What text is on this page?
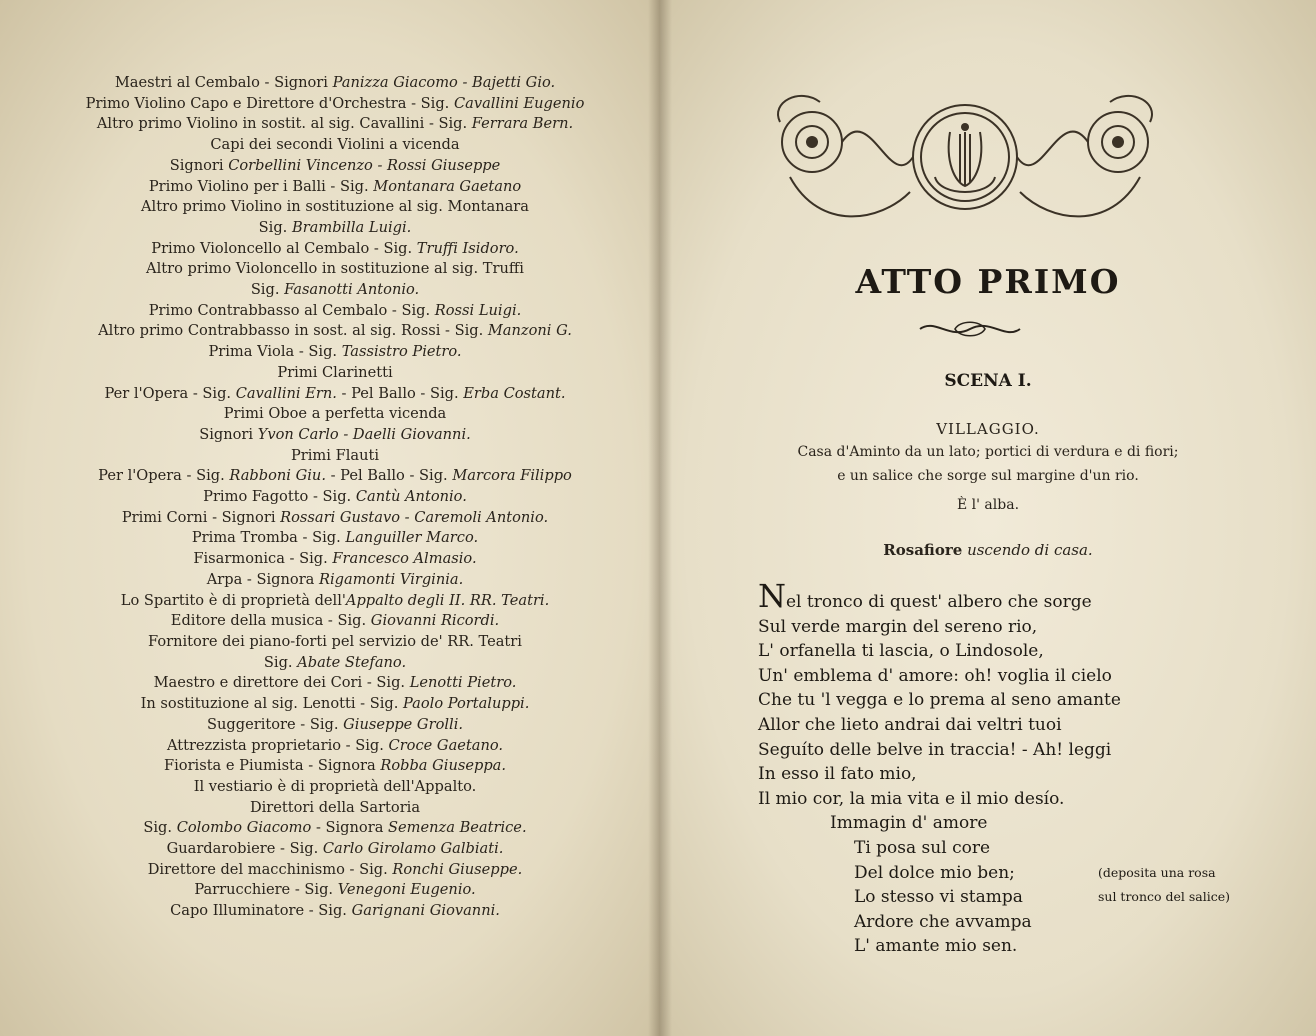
Maestri al Cembalo - Signori Panizza Giacomo - Bajetti Gio.
Primo Violino Capo e Direttore d'Orchestra - Sig. Cavallini Eugenio
Altro primo Violino in sostit. al sig. Cavallini - Sig. Ferrara Bern.
Capi dei secondi Violini a vicenda
Signori Corbellini Vincenzo - Rossi Giuseppe
Primo Violino per i Balli - Sig. Montanara Gaetano
Altro primo Violino in sostituzione al sig. Montanara
Sig. Brambilla Luigi.
Primo Violoncello al Cembalo - Sig. Truffi Isidoro.
Altro primo Violoncello in sostituzione al sig. Truffi
Sig. Fasanotti Antonio.
Primo Contrabbasso al Cembalo - Sig. Rossi Luigi.
Altro primo Contrabbasso in sost. al sig. Rossi - Sig. Manzoni G.
Prima Viola - Sig. Tassistro Pietro.
Primi Clarinetti
Per l'Opera - Sig. Cavallini Ern. - Pel Ballo - Sig. Erba Costant.
Primi Oboe a perfetta vicenda
Signori Yvon Carlo - Daelli Giovanni.
Primi Flauti
Per l'Opera - Sig. Rabboni Giu. - Pel Ballo - Sig. Marcora Filippo
Primo Fagotto - Sig. Cantù Antonio.
Primi Corni - Signori Rossari Gustavo - Caremoli Antonio.
Prima Tromba - Sig. Languiller Marco.
Fisarmonica - Sig. Francesco Almasio.
Arpa - Signora Rigamonti Virginia.
Lo Spartito è di proprietà dell'Appalto degli II. RR. Teatri.
Editore della musica - Sig. Giovanni Ricordi.
Fornitore dei piano-forti pel servizio de' RR. Teatri
Sig. Abate Stefano.
Maestro e direttore dei Cori - Sig. Lenotti Pietro.
In sostituzione al sig. Lenotti - Sig. Paolo Portaluppi.
Suggeritore - Sig. Giuseppe Grolli.
Attrezzista proprietario - Sig. Croce Gaetano.
Fiorista e Piumista - Signora Robba Giuseppa.
Il vestiario è di proprietà dell'Appalto.
Direttori della Sartoria
Sig. Colombo Giacomo - Signora Semenza Beatrice.
Guardarobiere - Sig. Carlo Girolamo Galbiati.
Direttore del macchinismo - Sig. Ronchi Giuseppe.
Parrucchiere - Sig. Venegoni Eugenio.
Capo Illuminatore - Sig. Garignani Giovanni.
ATTO PRIMO
SCENA I.
VILLAGGIO.
Casa d'Aminto da un lato; portici di verdura e di fiori;
e un salice che sorge sul margine d'un rio.
È l' alba.
Rosafiore uscendo di casa.
Nel tronco di quest' albero che sorge
Sul verde margin del sereno rio,
L' orfanella ti lascia, o Lindosole,
Un' emblema d' amore: oh! voglia il cielo
Che tu 'l vegga e lo prema al seno amante
Allor che lieto andrai dai veltri tuoi
Seguíto delle belve in traccia! - Ah! leggi
In esso il fato mio,
Il mio cor, la mia vita e il mio desío.
Immagin d' amore
Ti posa sul core
Del dolce mio ben;	(deposita una rosa
Lo stesso vi stampa	sul tronco del salice)
Ardore che avvampa
L' amante mio sen.
